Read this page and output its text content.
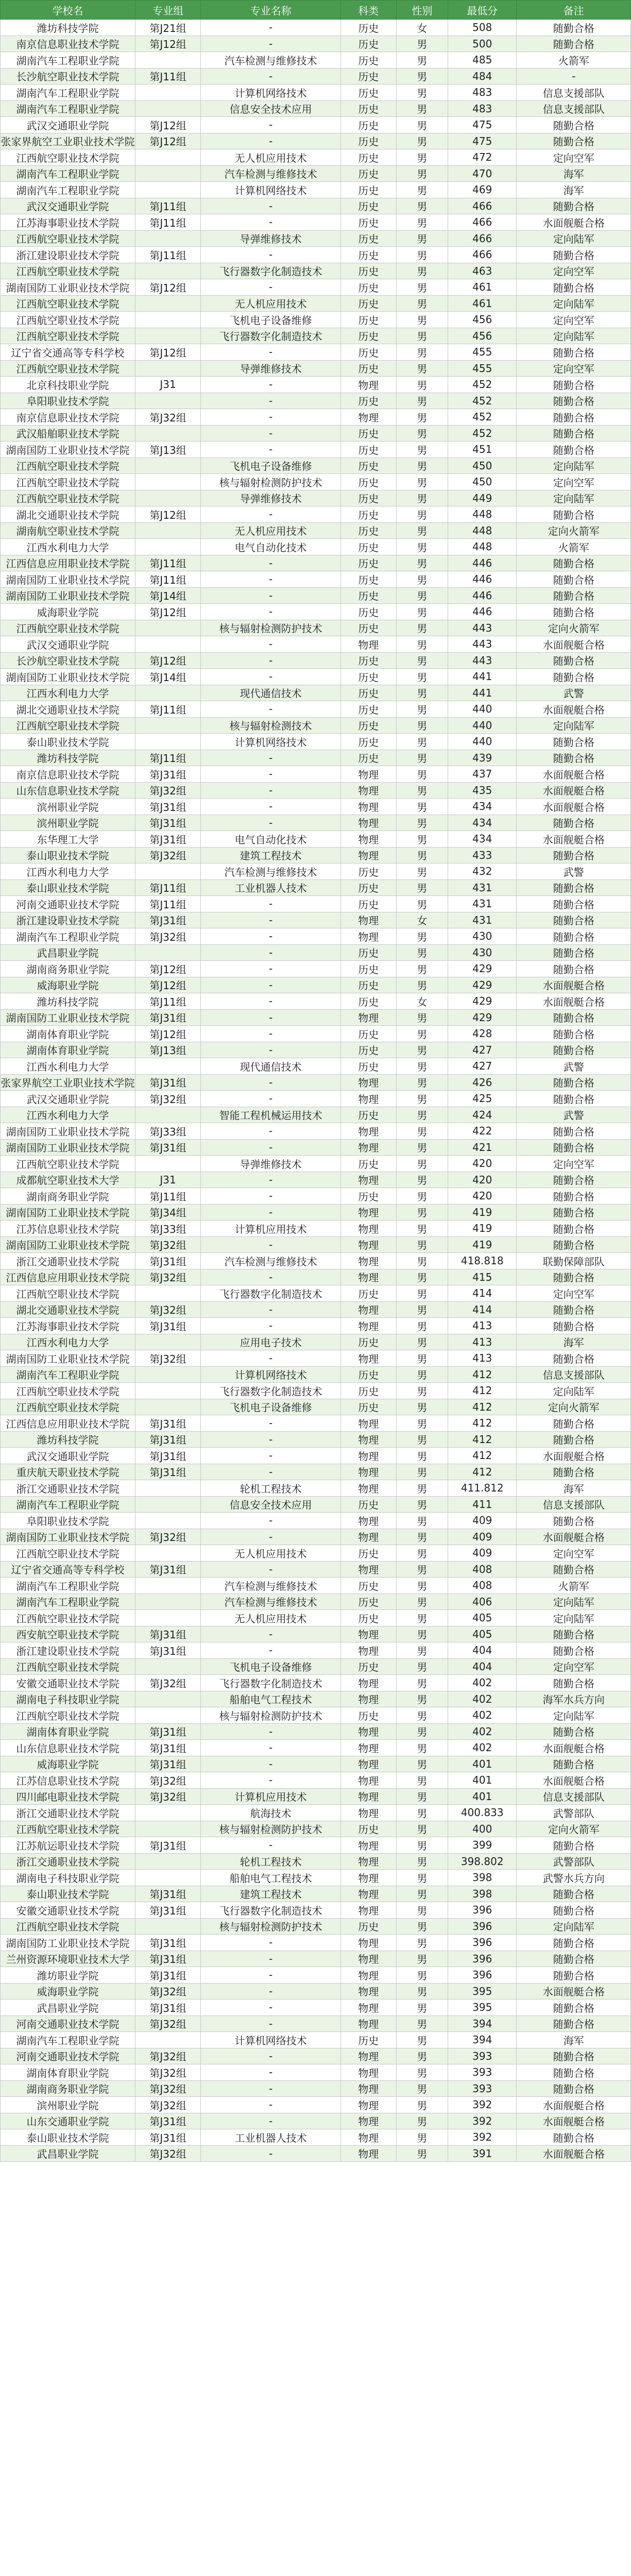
学校名	专业组	专业名称	科类	性别	最低分	备注
潍坊科技学院	第J21组	-	历史	女	508	随勤合格
南京信息职业技术学院	第J12组	-	历史	男	500	随勤合格
湖南汽车工程职业学院		汽车检测与维修技术	历史	男	485	火箭军
长沙航空职业技术学院	第J11组	-	历史	男	484	-
湖南汽车工程职业学院		计算机网络技术	历史	男	483	信息支援部队
湖南汽车工程职业学院		信息安全技术应用	历史	男	483	信息支援部队
武汉交通职业学院	第J12组	-	历史	男	475	随勤合格
张家界航空工业职业技术学院	第J12组	-	历史	男	475	随勤合格
江西航空职业技术学院		无人机应用技术	历史	男	472	定向空军
湖南汽车工程职业学院		汽车检测与维修技术	历史	男	470	海军
湖南汽车工程职业学院		计算机网络技术	历史	男	469	海军
武汉交通职业学院	第J11组	-	历史	男	466	随勤合格
江苏海事职业技术学院	第J11组	-	历史	男	466	水面舰艇合格
江西航空职业技术学院		导弹维修技术	历史	男	466	定向陆军
浙江建设职业技术学院	第J11组	-	历史	男	466	随勤合格
江西航空职业技术学院		飞行器数字化制造技术	历史	男	463	定向空军
湖南国防工业职业技术学院	第J12组	-	历史	男	461	随勤合格
江西航空职业技术学院		无人机应用技术	历史	男	461	定向陆军
江西航空职业技术学院		飞机电子设备维修	历史	男	456	定向空军
江西航空职业技术学院		飞行器数字化制造技术	历史	男	456	定向陆军
辽宁省交通高等专科学校	第J12组	-	历史	男	455	随勤合格
江西航空职业技术学院		导弹维修技术	历史	男	455	定向空军
北京科技职业学院	J31	-	物理	男	452	随勤合格
阜阳职业技术学院		-	历史	男	452	随勤合格
南京信息职业技术学院	第J32组	-	物理	男	452	随勤合格
武汉船舶职业技术学院		-	历史	男	452	随勤合格
湖南国防工业职业技术学院	第J13组	-	历史	男	451	随勤合格
江西航空职业技术学院		飞机电子设备维修	历史	男	450	定向陆军
江西航空职业技术学院		核与辐射检测防护技术	历史	男	450	定向空军
江西航空职业技术学院		导弹维修技术	历史	男	449	定向陆军
湖北交通职业技术学院	第J12组	-	历史	男	448	随勤合格
湖南航空职业技术学院		无人机应用技术	历史	男	448	定向火箭军
江西水利电力大学		电气自动化技术	历史	男	448	火箭军
江西信息应用职业技术学院	第J11组	-	历史	男	446	随勤合格
湖南国防工业职业技术学院	第J11组	-	历史	男	446	随勤合格
湖南国防工业职业技术学院	第J14组	-	历史	男	446	随勤合格
威海职业学院	第J12组	-	历史	男	446	随勤合格
江西航空职业技术学院		核与辐射检测防护技术	历史	男	443	定向火箭军
武汉交通职业学院		-	物理	男	443	水面舰艇合格
长沙航空职业技术学院	第J12组	-	历史	男	443	随勤合格
湖南国防工业职业技术学院	第J14组	-	历史	男	441	随勤合格
江西水利电力大学		现代通信技术	历史	男	441	武警
湖北交通职业技术学院	第J11组	-	历史	男	440	水面舰艇合格
江西航空职业技术学院		核与辐射检测技术	历史	男	440	定向陆军
泰山职业技术学院		计算机网络技术	历史	男	440	随勤合格
潍坊科技学院	第J11组	-	历史	男	439	随勤合格
南京信息职业技术学院	第J31组	-	物理	男	437	水面舰艇合格
山东信息职业技术学院	第J32组	-	物理	男	435	水面舰艇合格
滨州职业学院	第J31组	-	物理	男	434	水面舰艇合格
滨州职业学院	第J31组	-	物理	男	434	随勤合格
东华理工大学	第J31组	电气自动化技术	物理	男	434	水面舰艇合格
泰山职业技术学院	第J32组	建筑工程技术	物理	男	433	随勤合格
江西水利电力大学		汽车检测与维修技术	历史	男	432	武警
泰山职业技术学院	第J11组	工业机器人技术	历史	男	431	随勤合格
河南交通职业技术学院	第J11组	-	历史	男	431	随勤合格
浙江建设职业技术学院	第J31组	-	物理	女	431	随勤合格
湖南汽车工程职业学院	第J32组	-	物理	男	430	随勤合格
武昌职业学院		-	历史	男	430	随勤合格
湖南商务职业学院	第J12组	-	历史	男	429	随勤合格
威海职业学院	第J12组	-	历史	男	429	水面舰艇合格
潍坊科技学院	第J11组	-	历史	女	429	水面舰艇合格
湖南国防工业职业技术学院	第J31组	-	物理	男	429	随勤合格
湖南体育职业学院	第J12组	-	历史	男	428	随勤合格
湖南体育职业学院	第J13组	-	历史	男	427	随勤合格
江西水利电力大学		现代通信技术	历史	男	427	武警
张家界航空工业职业技术学院	第J31组	-	物理	男	426	随勤合格
武汉交通职业学院	第J32组	-	物理	男	425	随勤合格
江西水利电力大学		智能工程机械运用技术	历史	男	424	武警
湖南国防工业职业技术学院	第J33组	-	物理	男	422	随勤合格
湖南国防工业职业技术学院	第J31组	-	物理	男	421	随勤合格
江西航空职业技术学院		导弹维修技术	历史	男	420	定向空军
成都航空职业技术大学	J31	-	物理	男	420	随勤合格
湖南商务职业学院	第J11组	-	历史	男	420	随勤合格
湖南国防工业职业技术学院	第J34组	-	物理	男	419	随勤合格
江苏信息职业技术学院	第J33组	计算机应用技术	物理	男	419	随勤合格
湖南国防工业职业技术学院	第J32组	-	物理	男	419	随勤合格
浙江交通职业技术学院	第J31组	汽车检测与维修技术	物理	男	418.818	联勤保障部队
江西信息应用职业技术学院	第J32组	-	物理	男	415	随勤合格
江西航空职业技术学院		飞行器数字化制造技术	历史	男	414	定向空军
湖北交通职业技术学院	第J32组	-	物理	男	414	随勤合格
江苏海事职业技术学院	第J31组	-	物理	男	413	随勤合格
江西水利电力大学		应用电子技术	历史	男	413	海军
湖南国防工业职业技术学院	第J32组	-	物理	男	413	随勤合格
湖南汽车工程职业学院		计算机网络技术	历史	男	412	信息支援部队
江西航空职业技术学院		飞行器数字化制造技术	历史	男	412	定向陆军
江西航空职业技术学院		飞机电子设备维修	历史	男	412	定向火箭军
江西信息应用职业技术学院	第J31组	-	物理	男	412	随勤合格
潍坊科技学院	第J31组	-	物理	男	412	随勤合格
武汉交通职业学院	第J31组	-	物理	男	412	水面舰艇合格
重庆航天职业技术学院	第J31组	-	物理	男	412	随勤合格
浙江交通职业技术学院		轮机工程技术	物理	男	411.812	海军
湖南汽车工程职业学院		信息安全技术应用	历史	男	411	信息支援部队
阜阳职业技术学院		-	物理	男	409	随勤合格
湖南国防工业职业技术学院	第J32组	-	物理	男	409	水面舰艇合格
江西航空职业技术学院		无人机应用技术	历史	男	409	定向空军
辽宁省交通高等专科学校	第J31组	-	物理	男	408	随勤合格
湖南汽车工程职业学院		汽车检测与维修技术	历史	男	408	火箭军
湖南汽车工程职业学院		汽车检测与维修技术	历史	男	406	定向陆军
江西航空职业技术学院		无人机应用技术	历史	男	405	定向陆军
西安航空职业技术学院	第J31组	-	物理	男	405	随勤合格
浙江建设职业技术学院	第J31组	-	物理	男	404	随勤合格
江西航空职业技术学院		飞机电子设备维修	历史	男	404	定向空军
安徽交通职业技术学院	第J32组	飞行器数字化制造技术	物理	男	402	随勤合格
湖南电子科技职业学院		船舶电气工程技术	物理	男	402	海军水兵方向
江西航空职业技术学院		核与辐射检测防护技术	历史	男	402	定向陆军
湖南体育职业学院	第J31组	-	物理	男	402	随勤合格
山东信息职业技术学院	第J31组	-	物理	男	402	水面舰艇合格
威海职业学院	第J31组	-	物理	男	401	随勤合格
江苏信息职业技术学院	第J32组	-	物理	男	401	水面舰艇合格
四川邮电职业技术学院	第J32组	计算机应用技术	物理	男	401	信息支援部队
浙江交通职业技术学院		航海技术	物理	男	400.833	武警部队
江西航空职业技术学院		核与辐射检测防护技术	历史	男	400	定向火箭军
江苏航运职业技术学院	第J31组	-	物理	男	399	随勤合格
浙江交通职业技术学院		轮机工程技术	物理	男	398.802	武警部队
湖南电子科技职业学院		船舶电气工程技术	物理	男	398	武警水兵方向
泰山职业技术学院	第J31组	建筑工程技术	物理	男	398	随勤合格
安徽交通职业技术学院	第J31组	飞行器数字化制造技术	物理	男	396	随勤合格
江西航空职业技术学院		核与辐射检测防护技术	历史	男	396	定向陆军
湖南国防工业职业技术学院	第J31组	-	物理	男	396	随勤合格
兰州资源环境职业技术大学	第J31组	-	物理	男	396	随勤合格
潍坊职业学院	第J31组	-	物理	男	396	随勤合格
威海职业学院	第J32组	-	物理	男	395	水面舰艇合格
武昌职业学院	第J31组	-	物理	男	395	随勤合格
河南交通职业技术学院	第J32组	-	物理	男	394	随勤合格
湖南汽车工程职业学院		计算机网络技术	历史	男	394	海军
河南交通职业技术学院	第J32组	-	物理	男	393	随勤合格
湖南体育职业学院	第J32组	-	物理	男	393	随勤合格
湖南商务职业学院	第J32组	-	物理	男	393	随勤合格
滨州职业学院	第J32组	-	物理	男	392	水面舰艇合格
山东交通职业学院	第J31组	-	物理	男	392	水面舰艇合格
泰山职业技术学院	第J31组	工业机器人技术	物理	男	392	随勤合格
武昌职业学院	第J32组	-	物理	男	391	水面舰艇合格
